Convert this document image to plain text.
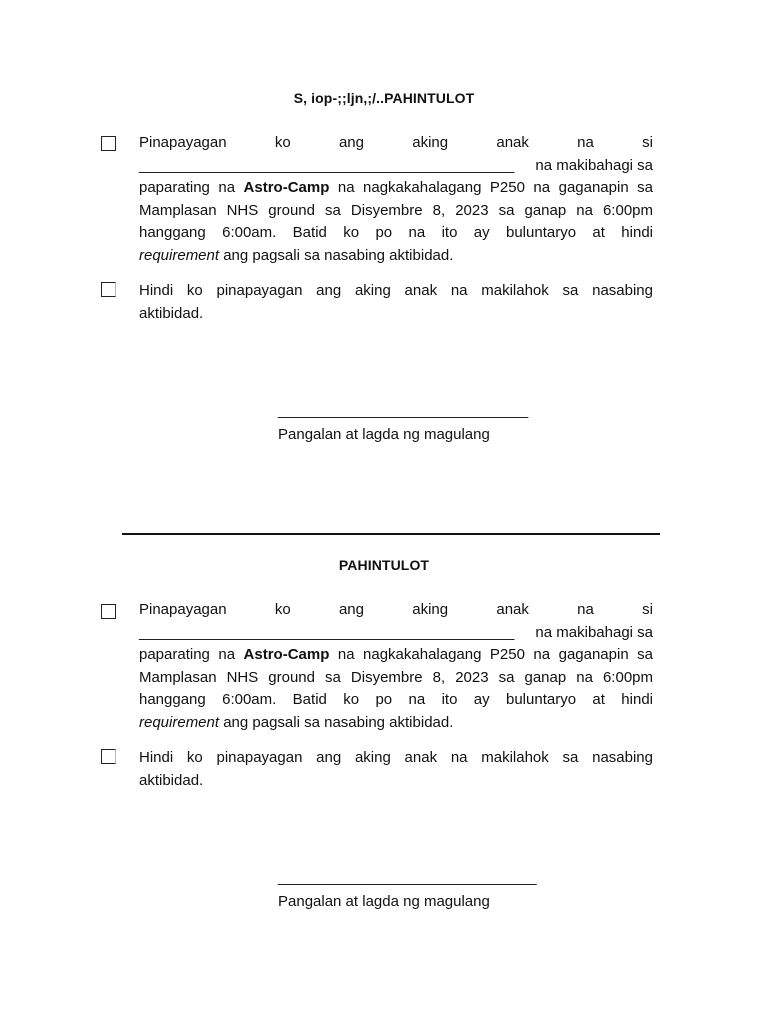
S, iop-;;ljn,;/..PAHINTULOT
Pinapayagan	ko	ang	aking	anak	na	si
_____________________________________________ na makibahagi sa
paparating na Astro-Camp na nagkakahalagang P250 na gaganapin sa
Mamplasan NHS ground sa Disyembre 8, 2023 sa ganap na 6:00pm
hanggang 6:00am. Batid ko po na ito ay buluntaryo at hindi
requirement ang pagsali sa nasabing aktibidad.
Hindi ko pinapayagan ang aking anak na makilahok sa nasabing
aktibidad.
______________________________
Pangalan at lagda ng magulang
PAHINTULOT
Pinapayagan	ko	ang	aking	anak	na	si
_____________________________________________ na makibahagi sa
paparating na Astro-Camp na nagkakahalagang P250 na gaganapin sa
Mamplasan NHS ground sa Disyembre 8, 2023 sa ganap na 6:00pm
hanggang 6:00am. Batid ko po na ito ay buluntaryo at hindi
requirement ang pagsali sa nasabing aktibidad.
Hindi ko pinapayagan ang aking anak na makilahok sa nasabing
aktibidad.
_______________________________
Pangalan at lagda ng magulang
